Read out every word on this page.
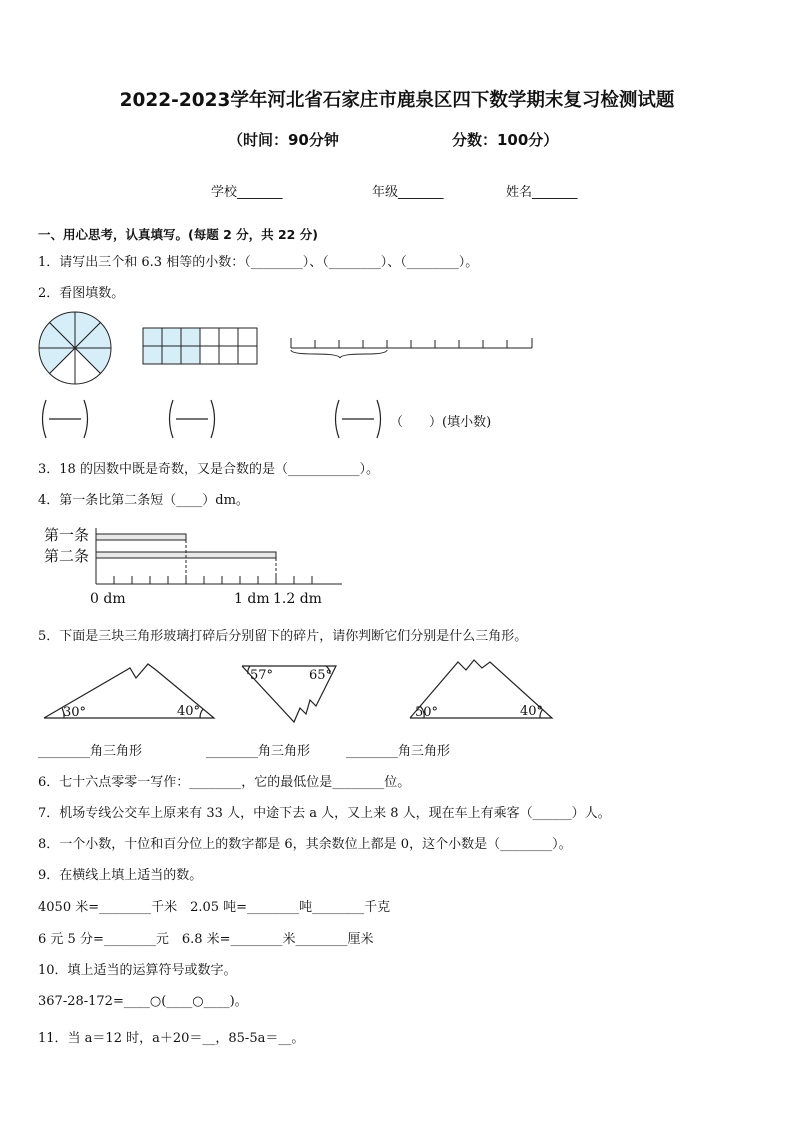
2022-2023学年河北省石家庄市鹿泉区四下数学期末复习检测试题
（时间：90分钟	分数：100分）
学校_______	年级_______	姓名_______
一、用心思考，认真填写。(每题 2 分，共 22 分)
1．请写出三个和 6.3 相等的小数：（________）、（________）、（________）。
2．看图填数。
（　　）(填小数)
3．18 的因数中既是奇数，又是合数的是（___________）。
4．第一条比第二条短（____）dm。
第一条
第二条
0 dm	1 dm 1.2 dm
5．下面是三块三角形玻璃打碎后分别留下的碎片，请你判断它们分别是什么三角形。
30°	40°
57°	65°
50°	40°
________角三角形	________角三角形	________角三角形
6．七十六点零零一写作：________，它的最低位是________位。
7．机场专线公交车上原来有 33 人，中途下去 a 人，又上来 8 人，现在车上有乘客（______）人。
8．一个小数，十位和百分位上的数字都是 6，其余数位上都是 0，这个小数是（________）。
9．在横线上填上适当的数。
4050 米=________千米　2.05 吨=________吨________千克
6 元 5 分=________元　6.8 米=________米________厘米
10．填上适当的运算符号或数字。
367-28-172=____○(____○____)。
11．当 a＝12 时，a＋20＝__，85-5a＝__。
